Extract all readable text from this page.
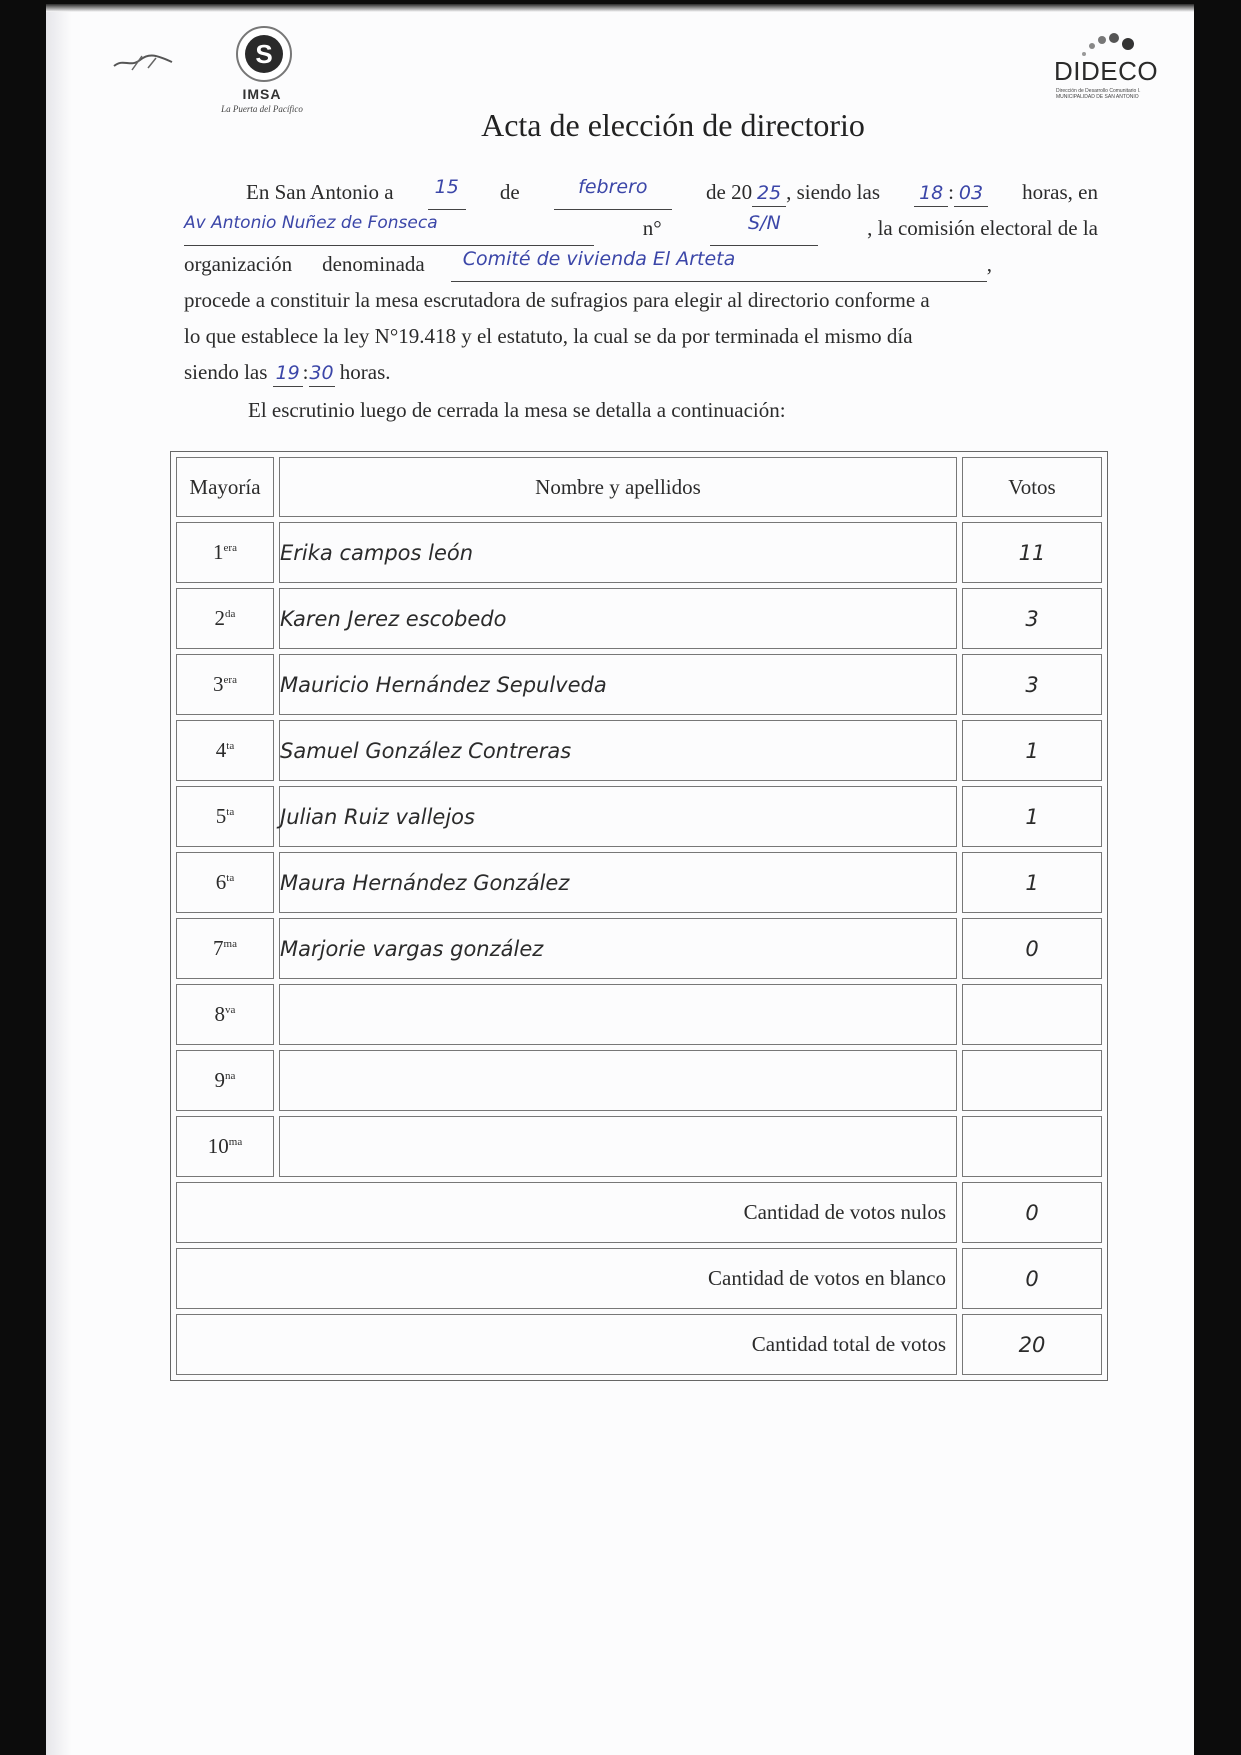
S
IMSA
La Puerta del Pacífico
DIDECO
Dirección de Desarrollo Comunitario I. MUNICIPALIDAD DE SAN ANTONIO
Acta de elección de directorio
En San Antonio a	15	de	febrero	de 20 25 , siendo las 18 : 03 horas, en
Av Antonio Nuñez de Fonseca	n°	S/N	, la comisión electoral de la
organización denominada	Comité de vivienda El Arteta	,
procede a constituir la mesa escrutadora de sufragios para elegir al directorio conforme a
lo que establece la ley N°19.418 y el estatuto, la cual se da por terminada el mismo día
siendo las 19 :30 horas.
El escrutinio luego de cerrada la mesa se detalla a continuación:
Mayoría	Nombre y apellidos	Votos
$1^{era}$	Erika campos león	11
$2^{da}$	Karen Jerez escobedo	3
$3^{era}$	Mauricio Hernández Sepulveda	3
$4^{ta}$	Samuel González Contreras	1
$5^{ta}$	Julian Ruiz vallejos	1
$6^{ta}$	Maura Hernández González	1
$7^{ma}$	Marjorie vargas gonzález	0
$8^{va}$		
$9^{na}$		
$10^{ma}$		
Cantidad de votos nulos		0
Cantidad de votos en blanco		0
Cantidad total de votos		20
